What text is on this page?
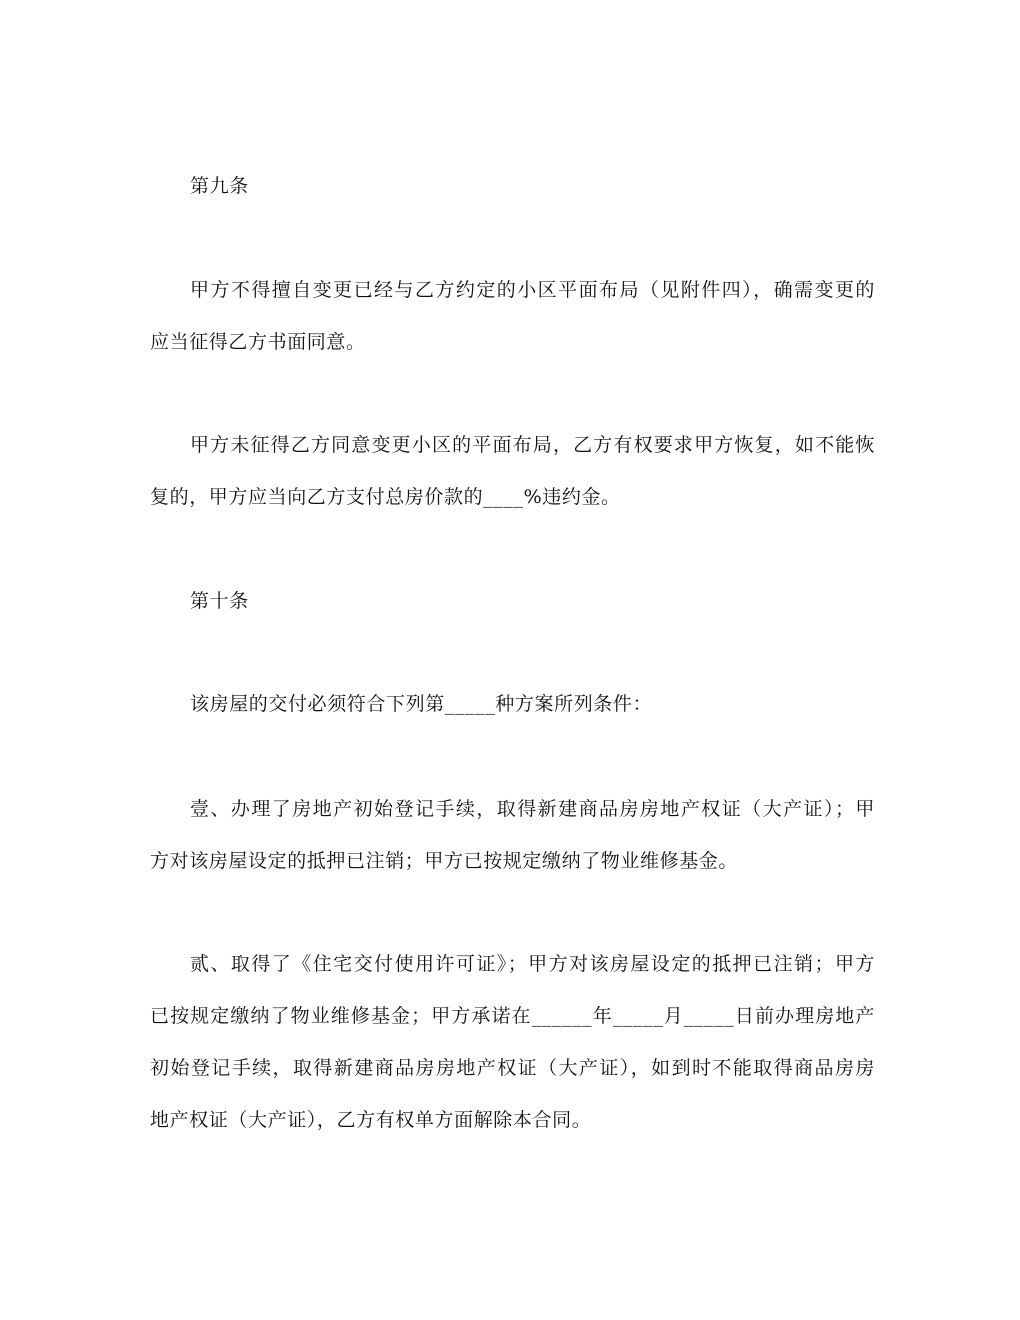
第九条
甲方不得擅自变更已经与乙方约定的小区平面布局（见附件四），确需变更的
应当征得乙方书面同意。
甲方未征得乙方同意变更小区的平面布局，乙方有权要求甲方恢复，如不能恢
复的，甲方应当向乙方支付总房价款的____%违约金。
第十条
该房屋的交付必须符合下列第_____种方案所列条件：
壹、办理了房地产初始登记手续，取得新建商品房房地产权证（大产证）；甲
方对该房屋设定的抵押已注销；甲方已按规定缴纳了物业维修基金。
贰、取得了《住宅交付使用许可证》；甲方对该房屋设定的抵押已注销；甲方
已按规定缴纳了物业维修基金；甲方承诺在______年_____月_____日前办理房地产
初始登记手续，取得新建商品房房地产权证（大产证），如到时不能取得商品房房
地产权证（大产证），乙方有权单方面解除本合同。
